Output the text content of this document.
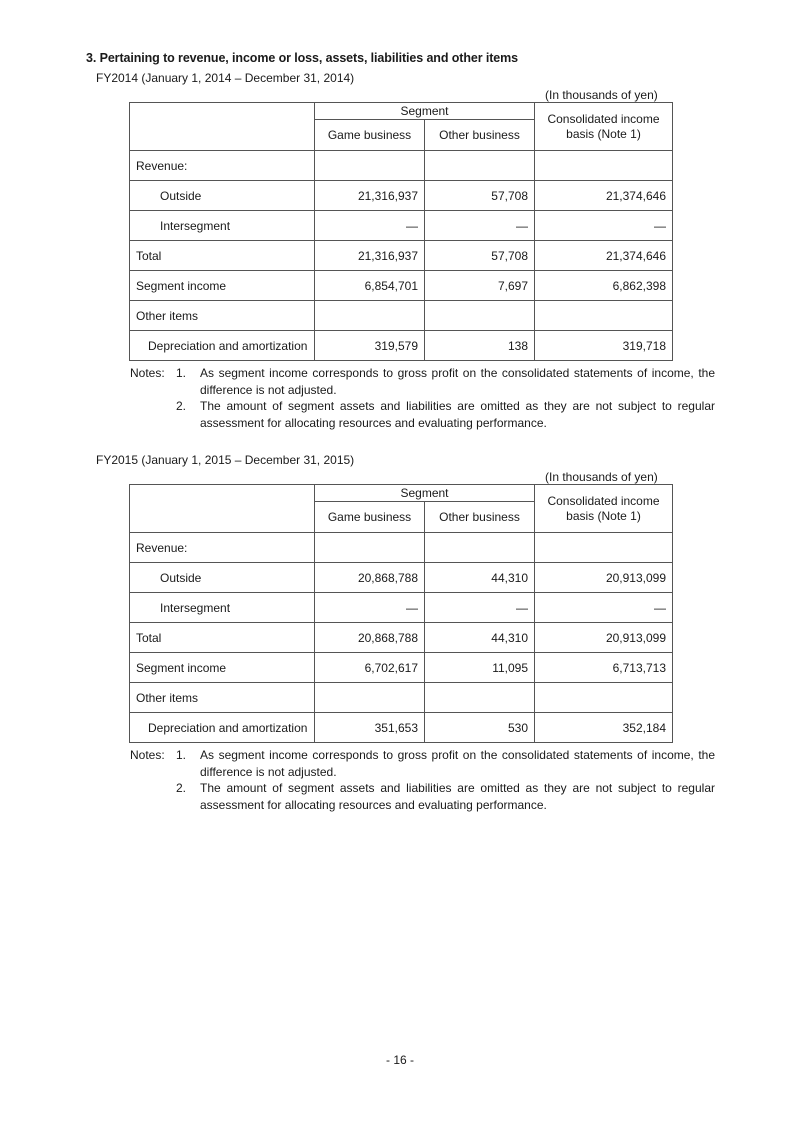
3. Pertaining to revenue, income or loss, assets, liabilities and other items
FY2014 (January 1, 2014 – December 31, 2014)
(In thousands of yen)
	Segment		Consolidated income basis (Note 1)
	Game business	Other business	
Revenue:			
Outside	21,316,937	57,708	21,374,646
Intersegment	—	—	—
Total	21,316,937	57,708	21,374,646
Segment income	6,854,701	7,697	6,862,398
Other items			
Depreciation and amortization	319,579	138	319,718
Notes: 1.	As segment income corresponds to gross profit on the consolidated statements of income, the difference is not adjusted.
2.	The amount of segment assets and liabilities are omitted as they are not subject to regular assessment for allocating resources and evaluating performance.
FY2015 (January 1, 2015 – December 31, 2015)
(In thousands of yen)
	Segment		Consolidated income basis (Note 1)
	Game business	Other business	
Revenue:			
Outside	20,868,788	44,310	20,913,099
Intersegment	—	—	—
Total	20,868,788	44,310	20,913,099
Segment income	6,702,617	11,095	6,713,713
Other items			
Depreciation and amortization	351,653	530	352,184
Notes: 1.	As segment income corresponds to gross profit on the consolidated statements of income, the difference is not adjusted.
2.	The amount of segment assets and liabilities are omitted as they are not subject to regular assessment for allocating resources and evaluating performance.
- 16 -
